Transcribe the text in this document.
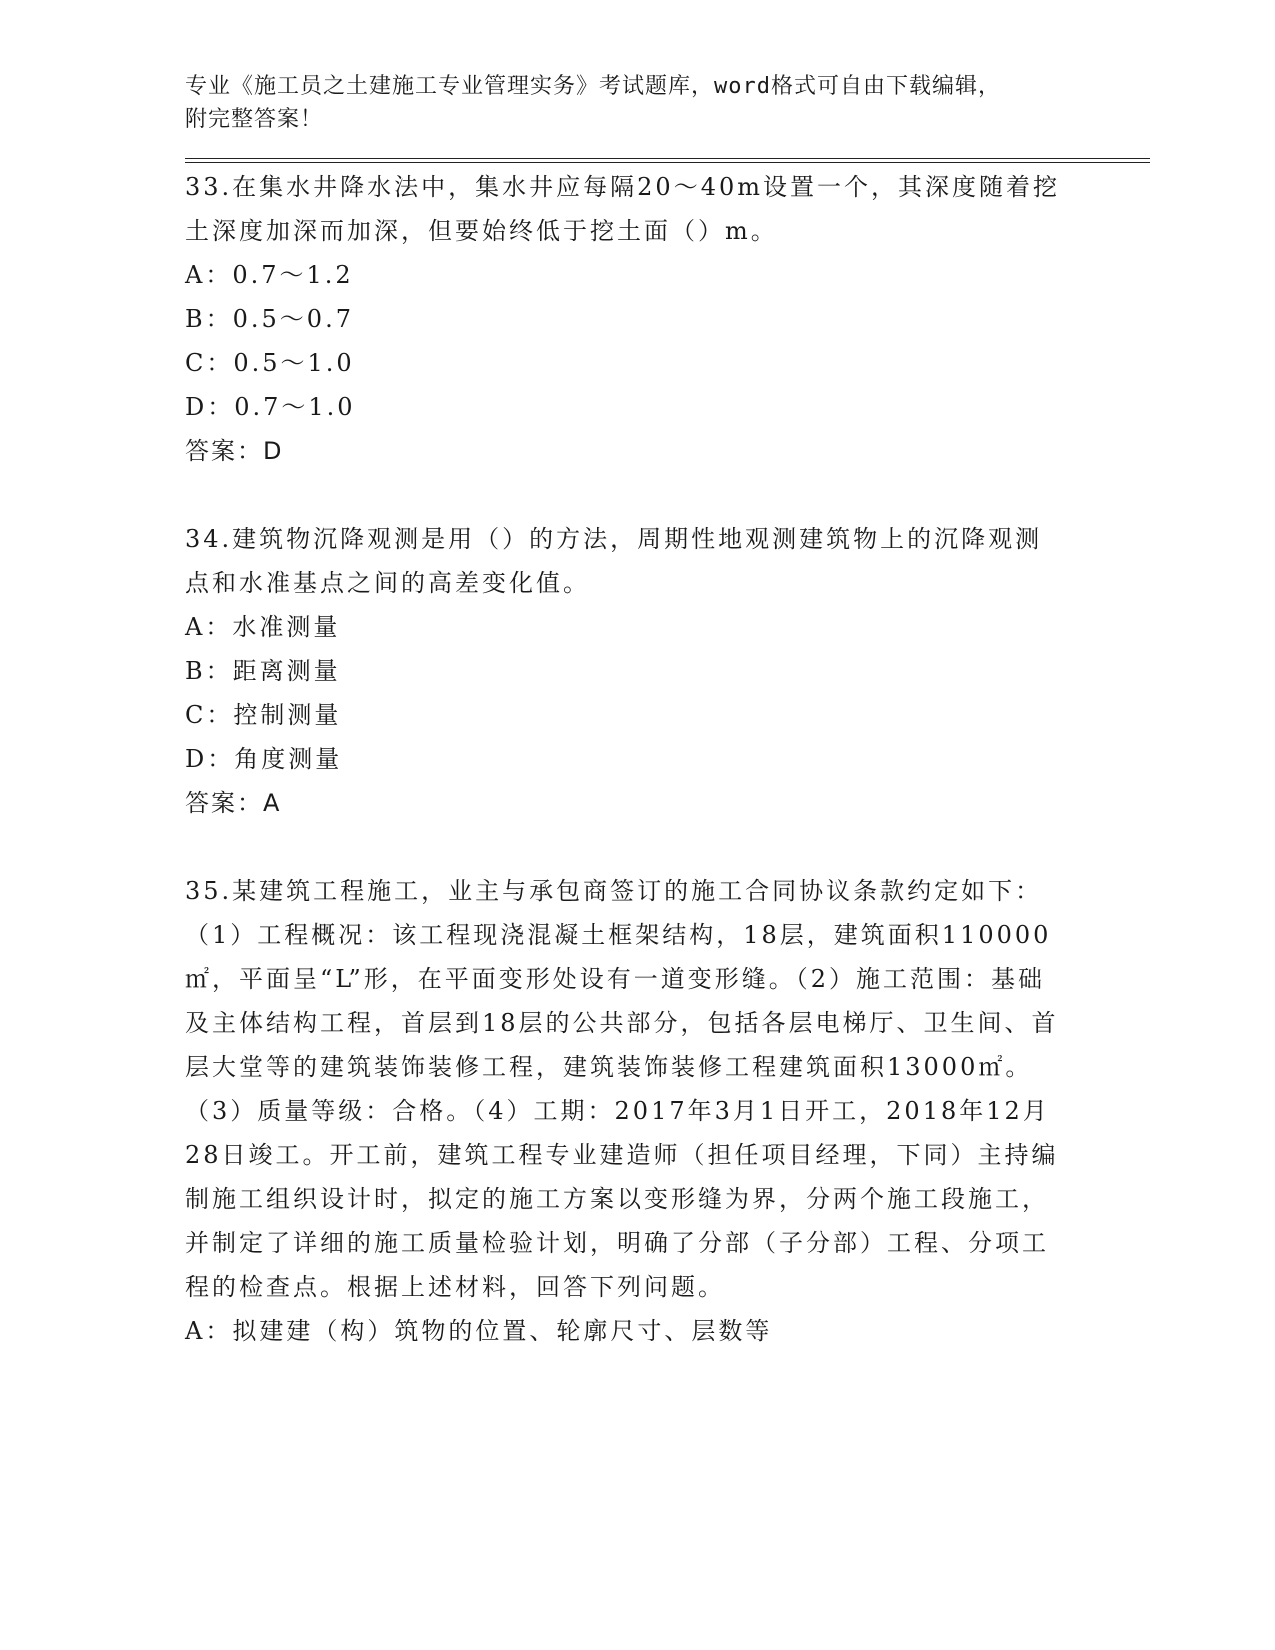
专业《施工员之土建施工专业管理实务》考试题库，word格式可自由下载编辑，
附完整答案！
33.在集水井降水法中，集水井应每隔20～40m设置一个，其深度随着挖土深度加深而加深，但要始终低于挖土面（）m。
A：0.7～1.2
B：0.5～0.7
C：0.5～1.0
D：0.7～1.0
答案：D
34.建筑物沉降观测是用（）的方法，周期性地观测建筑物上的沉降观测点和水准基点之间的高差变化值。
A：水准测量
B：距离测量
C：控制测量
D：角度测量
答案：A
35.某建筑工程施工，业主与承包商签订的施工合同协议条款约定如下：（1）工程概况：该工程现浇混凝土框架结构，18层，建筑面积110000㎡，平面呈“L”形，在平面变形处设有一道变形缝。（2）施工范围：基础及主体结构工程，首层到18层的公共部分，包括各层电梯厅、卫生间、首层大堂等的建筑装饰装修工程，建筑装饰装修工程建筑面积13000㎡。（3）质量等级：合格。（4）工期：2017年3月1日开工，2018年12月28日竣工。开工前，建筑工程专业建造师（担任项目经理，下同）主持编制施工组织设计时，拟定的施工方案以变形缝为界，分两个施工段施工，并制定了详细的施工质量检验计划，明确了分部（子分部）工程、分项工程的检查点。根据上述材料，回答下列问题。
A：拟建建（构）筑物的位置、轮廓尺寸、层数等
